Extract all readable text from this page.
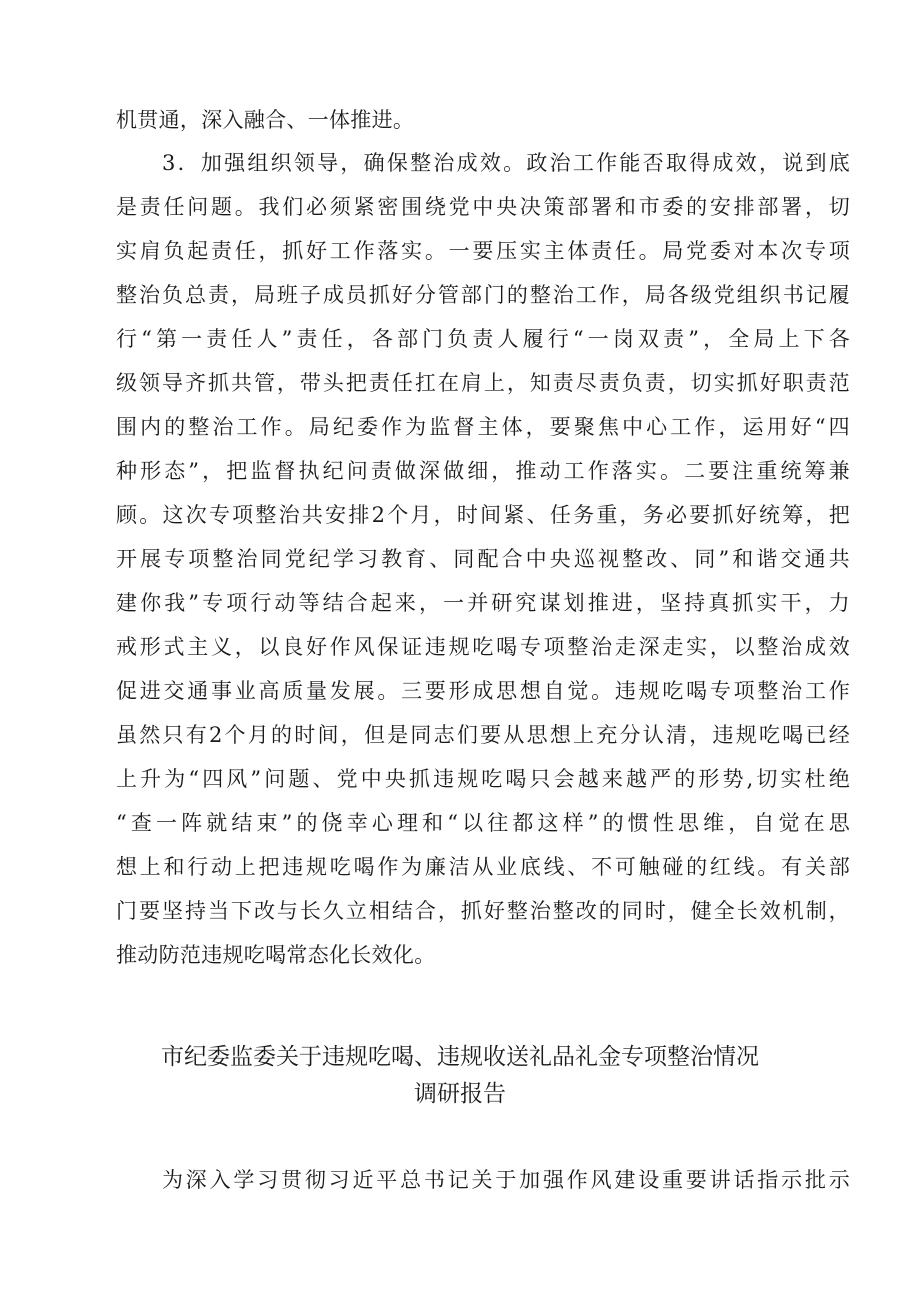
机贯通，深入融合、一体推进。
3．加强组织领导，确保整治成效。政治工作能否取得成效，说到底
是责任问题。我们必须紧密围绕党中央决策部署和市委的安排部署，切
实肩负起责任，抓好工作落实。一要压实主体责任。局党委对本次专项
整治负总责，局班子成员抓好分管部门的整治工作，局各级党组织书记履
行“第一责任人”责任，各部门负责人履行“一岗双责”，全局上下各
级领导齐抓共管，带头把责任扛在肩上，知责尽责负责，切实抓好职责范
围内的整治工作。局纪委作为监督主体，要聚焦中心工作，运用好“四
种形态”，把监督执纪问责做深做细，推动工作落实。二要注重统筹兼
顾。这次专项整治共安排2个月，时间紧、任务重，务必要抓好统筹，把
开展专项整治同党纪学习教育、同配合中央巡视整改、同”和谐交通共
建你我”专项行动等结合起来，一并研究谋划推进，坚持真抓实干，力
戒形式主义，以良好作风保证违规吃喝专项整治走深走实，以整治成效
促进交通事业高质量发展。三要形成思想自觉。违规吃喝专项整治工作
虽然只有2个月的时间，但是同志们要从思想上充分认清，违规吃喝已经
上升为“四风”问题、党中央抓违规吃喝只会越来越严的形势,切实杜绝
“查一阵就结束”的侥幸心理和“以往都这样”的惯性思维，自觉在思
想上和行动上把违规吃喝作为廉洁从业底线、不可触碰的红线。有关部
门要坚持当下改与长久立相结合，抓好整治整改的同时，健全长效机制，
推动防范违规吃喝常态化长效化。
市纪委监委关于违规吃喝、违规收送礼品礼金专项整治情况
调研报告
为深入学习贯彻习近平总书记关于加强作风建设重要讲话指示批示
